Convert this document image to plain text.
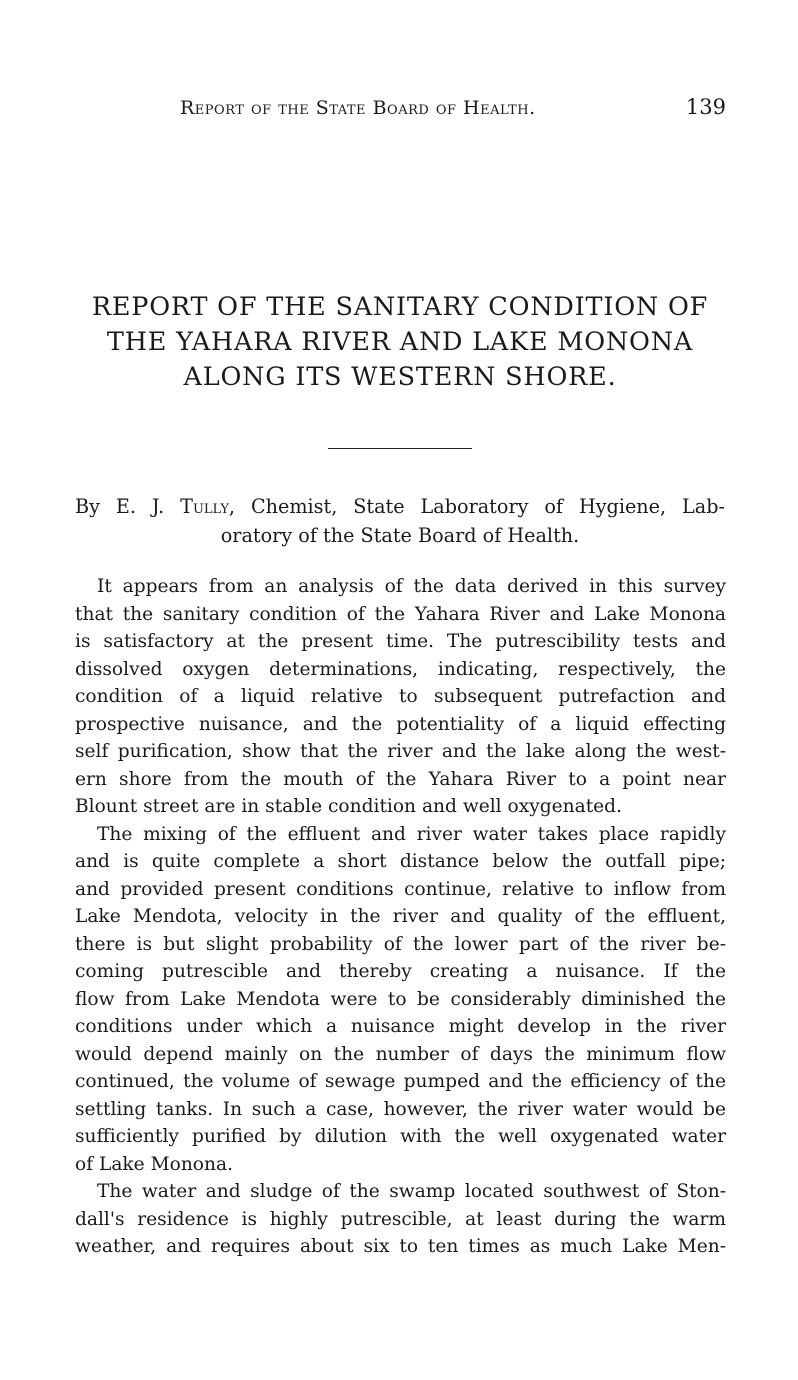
Report of the State Board of Health.	139
REPORT OF THE SANITARY CONDITION OF
THE YAHARA RIVER AND LAKE MONONA
ALONG ITS WESTERN SHORE.
By E. J. Tully, Chemist, State Laboratory of Hygiene, Lab-
oratory of the State Board of Health.

It appears from an analysis of the data derived in this survey
that the sanitary condition of the Yahara River and Lake Monona
is satisfactory at the present time. The putrescibility tests and
dissolved oxygen determinations, indicating, respectively, the
condition of a liquid relative to subsequent putrefaction and
prospective nuisance, and the potentiality of a liquid effecting
self purification, show that the river and the lake along the west-
ern shore from the mouth of the Yahara River to a point near
Blount street are in stable condition and well oxygenated.

The mixing of the effluent and river water takes place rapidly
and is quite complete a short distance below the outfall pipe;
and provided present conditions continue, relative to inflow from
Lake Mendota, velocity in the river and quality of the effluent,
there is but slight probability of the lower part of the river be-
coming putrescible and thereby creating a nuisance. If the
flow from Lake Mendota were to be considerably diminished the
conditions under which a nuisance might develop in the river
would depend mainly on the number of days the minimum flow
continued, the volume of sewage pumped and the efficiency of the
settling tanks. In such a case, however, the river water would be
sufficiently purified by dilution with the well oxygenated water
of Lake Monona.

The water and sludge of the swamp located southwest of Ston-
dall's residence is highly putrescible, at least during the warm
weather, and requires about six to ten times as much Lake Men-
